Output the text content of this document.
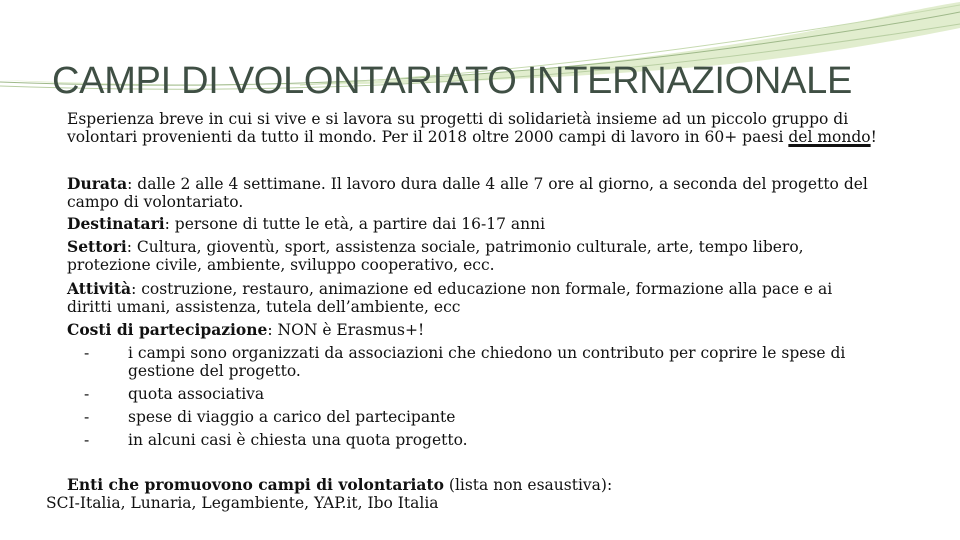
CAMPI DI VOLONTARIATO INTERNAZIONALE
Esperienza breve in cui si vive e si lavora su progetti di solidarietà insieme ad un piccolo gruppo di
volontari provenienti da tutto il mondo. Per il 2018 oltre 2000 campi di lavoro in 60+ paesi del mondo!
Durata: dalle 2 alle 4 settimane. Il lavoro dura dalle 4 alle 7 ore al giorno, a seconda del progetto del
campo di volontariato.
Destinatari: persone di tutte le età, a partire dai 16-17 anni
Settori: Cultura, gioventù, sport, assistenza sociale, patrimonio culturale, arte, tempo libero,
protezione civile, ambiente, sviluppo cooperativo, ecc.
Attività: costruzione, restauro, animazione ed educazione non formale, formazione alla pace e ai
diritti umani, assistenza, tutela dell’ambiente, ecc
Costi di partecipazione: NON è Erasmus+!
-	i campi sono organizzati da associazioni che chiedono un contributo per coprire le spese di
gestione del progetto.
-	quota associativa
-	spese di viaggio a carico del partecipante
-	in alcuni casi è chiesta una quota progetto.
Enti che promuovono campi di volontariato (lista non esaustiva):
SCI-Italia, Lunaria, Legambiente, YAP.it, Ibo Italia
